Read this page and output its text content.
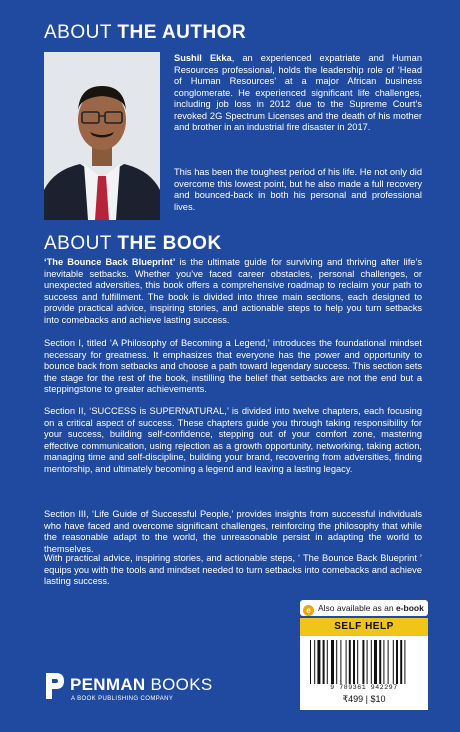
ABOUT THE AUTHOR

Sushil Ekka, an experienced expatriate and Human Resources professional, holds the leadership role of ‘Head of Human Resources’ at a major African business conglomerate. He experienced significant life challenges, including job loss in 2012 due to the Supreme Court’s revoked 2G Spectrum Licenses and the death of his mother and brother in an industrial fire disaster in 2017.

This has been the toughest period of his life. He not only did overcome this lowest point, but he also made a full recovery and bounced-back in both his personal and professional lives.

ABOUT THE BOOK

‘The Bounce Back Blueprint’ is the ultimate guide for surviving and thriving after life’s inevitable setbacks. Whether you’ve faced career obstacles, personal challenges, or unexpected adversities, this book offers a comprehensive roadmap to reclaim your path to success and fulfillment. The book is divided into three main sections, each designed to provide practical advice, inspiring stories, and actionable steps to help you turn setbacks into comebacks and achieve lasting success.

Section I, titled ‘A Philosophy of Becoming a Legend,’ introduces the foundational mindset necessary for greatness. It emphasizes that everyone has the power and opportunity to bounce back from setbacks and choose a path toward legendary success. This section sets the stage for the rest of the book, instilling the belief that setbacks are not the end but a steppingstone to greater achievements.

Section II, ‘SUCCESS is SUPERNATURAL,’ is divided into twelve chapters, each focusing on a critical aspect of success. These chapters guide you through taking responsibility for your success, building self-confidence, stepping out of your comfort zone, mastering effective communication, using rejection as a growth opportunity, networking, taking action, managing time and self-discipline, building your brand, recovering from adversities, finding mentorship, and ultimately becoming a legend and leaving a lasting legacy.

Section III, ‘Life Guide of Successful People,’ provides insights from successful individuals who have faced and overcome significant challenges, reinforcing the philosophy that while the reasonable adapt to the world, the unreasonable persist in adapting the world to themselves.

With practical advice, inspiring stories, and actionable steps, ‘ The Bounce Back Blueprint ’ equips you with the tools and mindset needed to turn setbacks into comebacks and achieve lasting success.

e Also available as an e-book
SELF HELP
9 789361 942297
₹499 | $10
PENMAN BOOKS
A BOOK PUBLISHING COMPANY
